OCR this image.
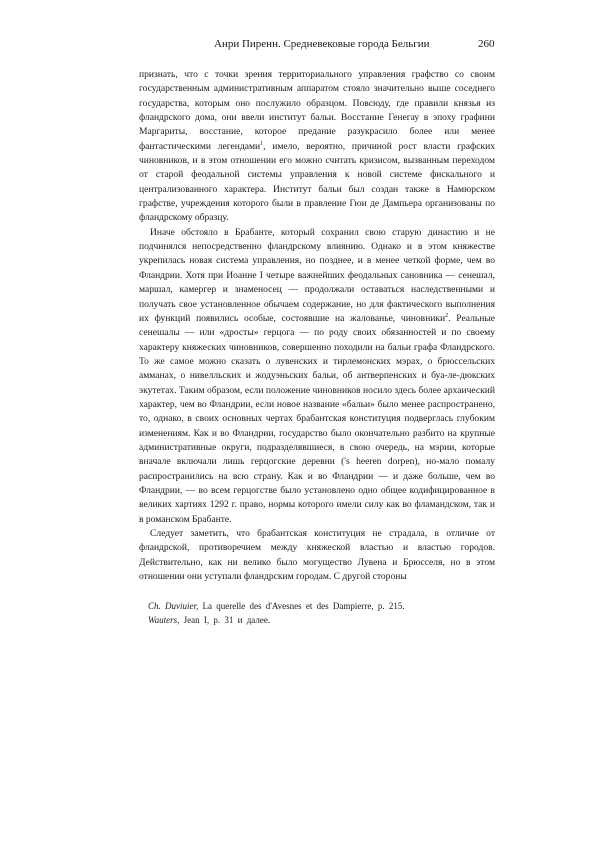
Анри Пиренн. Средневековые города Бельгии	260

признать, что с точки зрения территориального управления графство со своим государственным административным аппаратом стояло значительно выше соседнего государства, которым оно послужило образцом. Повсюду, где правили князья из фландрского дома, они ввели институт бальи. Восстание Генегау в эпоху графини Маргариты, восстание, которое предание разукрасило более или менее фантастическими легендами$^1$, имело, вероятно, причиной рост власти графских чиновников, и в этом отношении его можно считать кризисом, вызванным переходом от старой феодальной системы управления к новой системе фискального и централизованного характера. Институт бальи был создан также в Намюрском графстве, учреждения которого были в правление Гюи де Дампьера организованы по фландрскому образцу.

Иначе обстояло в Брабанте, который сохранил свою старую династию и не подчинялся непосредственно фландрскому влиянию. Однако и в этом княжестве укрепилась новая система управления, но позднее, и в менее четкой форме, чем во Фландрии. Хотя при Иоанне I четыре важнейших феодальных сановника — сенешал, маршал, камергер и знаменосец — продолжали оставаться наследственными и получать свое установленное обычаем содержание, но для фактического выполнения их функций появились особые, состоявшие на жалованье, чиновники$^2$. Реальные сенешалы — или «дросты» герцога — по роду своих обязанностей и по своему характеру княжеских чиновников, совершенно походили на бальи графа Фландрского. То же самое можно сказать о лувенских и тирлемонских мэрах, о брюссельских амманах, о нивелльских и жодуэньских бальи, об антверпенских и буа-ле-дюкских экутетах. Таким образом, если положение чиновников носило здесь более архаический характер, чем во Фландрии, если новое название «бальи» было менее распространено, то, однако, в своих основных чертах брабантская конституция подверглась глубоким изменениям. Как и во Фландрии, государство было окончательно разбито на крупные административные округи, подразделявшиеся, в свою очередь, на мэрии, которые вначале включали лишь герцогские деревни ('s heeren dorpen), но-мало помалу распространились на всю страну. Как и во Фландрии — и даже больше, чем во Фландрии, — во всем герцогстве было установлено одно общее кодифицированное в великих хартиях 1292 г. право, нормы которого имели силу как во фламандском, так и в романском Брабанте.

Следует заметить, что брабантская конституция не страдала, в отличие от фландрской, противоречием между княжеской властью и властью городов. Действительно, как ни велико было могущество Лувена и Брюсселя, но в этом отношении они уступали фландрским городам. С другой стороны

Ch. Duviuier, La querelle des d'Avesnes et des Dampierre, p. 215.

Wauters, Jean I, p. 31 и далее.
